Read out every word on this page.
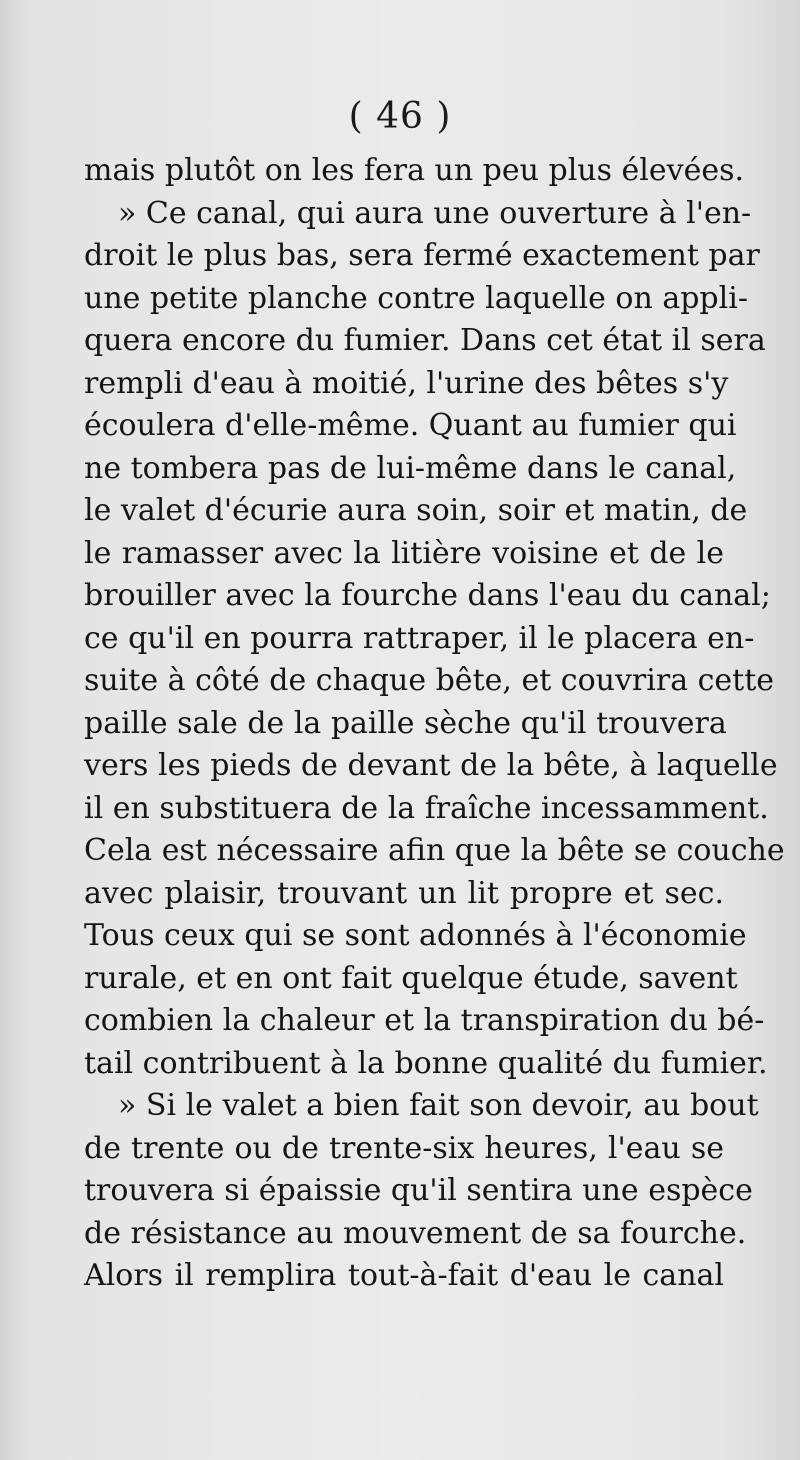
( 46 )
mais plutôt on les fera un peu plus élevées.
» Ce canal, qui aura une ouverture à l'en-
droit le plus bas, sera fermé exactement par
une petite planche contre laquelle on appli-
quera encore du fumier. Dans cet état il sera
rempli d'eau à moitié, l'urine des bêtes s'y
écoulera d'elle-même. Quant au fumier qui
ne tombera pas de lui-même dans le canal,
le valet d'écurie aura soin, soir et matin, de
le ramasser avec la litière voisine et de le
brouiller avec la fourche dans l'eau du canal;
ce qu'il en pourra rattraper, il le placera en-
suite à côté de chaque bête, et couvrira cette
paille sale de la paille sèche qu'il trouvera
vers les pieds de devant de la bête, à laquelle
il en substituera de la fraîche incessamment.
Cela est nécessaire afin que la bête se couche
avec plaisir, trouvant un lit propre et sec.
Tous ceux qui se sont adonnés à l'économie
rurale, et en ont fait quelque étude, savent
combien la chaleur et la transpiration du bé-
tail contribuent à la bonne qualité du fumier.
» Si le valet a bien fait son devoir, au bout
de trente ou de trente-six heures, l'eau se
trouvera si épaissie qu'il sentira une espèce
de résistance au mouvement de sa fourche.
Alors il remplira tout-à-fait d'eau le canal
